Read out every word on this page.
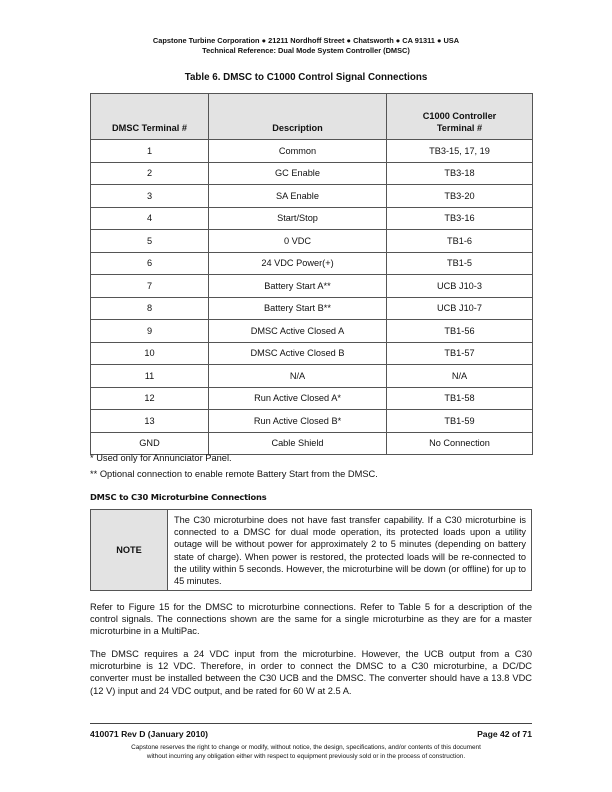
Capstone Turbine Corporation ● 21211 Nordhoff Street ● Chatsworth ● CA 91311 ● USA
Technical Reference: Dual Mode System Controller (DMSC)
Table 6. DMSC to C1000 Control Signal Connections
DMSC Terminal #	Description	C1000 Controller
Terminal #

1	Common	TB3-15, 17, 19
2	GC Enable	TB3-18
3	SA Enable	TB3-20
4	Start/Stop	TB3-16
5	0 VDC	TB1-6
6	24 VDC Power(+)	TB1-5
7	Battery Start A**	UCB J10-3
8	Battery Start B**	UCB J10-7
9	DMSC Active Closed A	TB1-56
10	DMSC Active Closed B	TB1-57
11	N/A	N/A
12	Run Active Closed A*	TB1-58
13	Run Active Closed B*	TB1-59
GND	Cable Shield	No Connection
* Used only for Annunciator Panel.
** Optional connection to enable remote Battery Start from the DMSC.
DMSC to C30 Microturbine Connections
NOTE	The C30 microturbine does not have fast transfer capability. If a C30 microturbine is connected to a DMSC for dual mode operation, its protected loads upon a utility outage will be without power for approximately 2 to 5 minutes (depending on battery state of charge). When power is restored, the protected loads will be re-connected to the utility within 5 seconds. However, the microturbine will be down (or offline) for up to 45 minutes.

Refer to Figure 15 for the DMSC to microturbine connections. Refer to Table 5 for a description of the control signals. The connections shown are the same for a single microturbine as they are for a master microturbine in a MultiPac.

The DMSC requires a 24 VDC input from the microturbine. However, the UCB output from a C30 microturbine is 12 VDC. Therefore, in order to connect the DMSC to a C30 microturbine, a DC/DC converter must be installed between the C30 UCB and the DMSC. The converter should have a 13.8 VDC (12 V) input and 24 VDC output, and be rated for 60 W at 2.5 A.

410071 Rev D (January 2010)	Page 42 of 71
Capstone reserves the right to change or modify, without notice, the design, specifications, and/or contents of this document
without incurring any obligation either with respect to equipment previously sold or in the process of construction.
